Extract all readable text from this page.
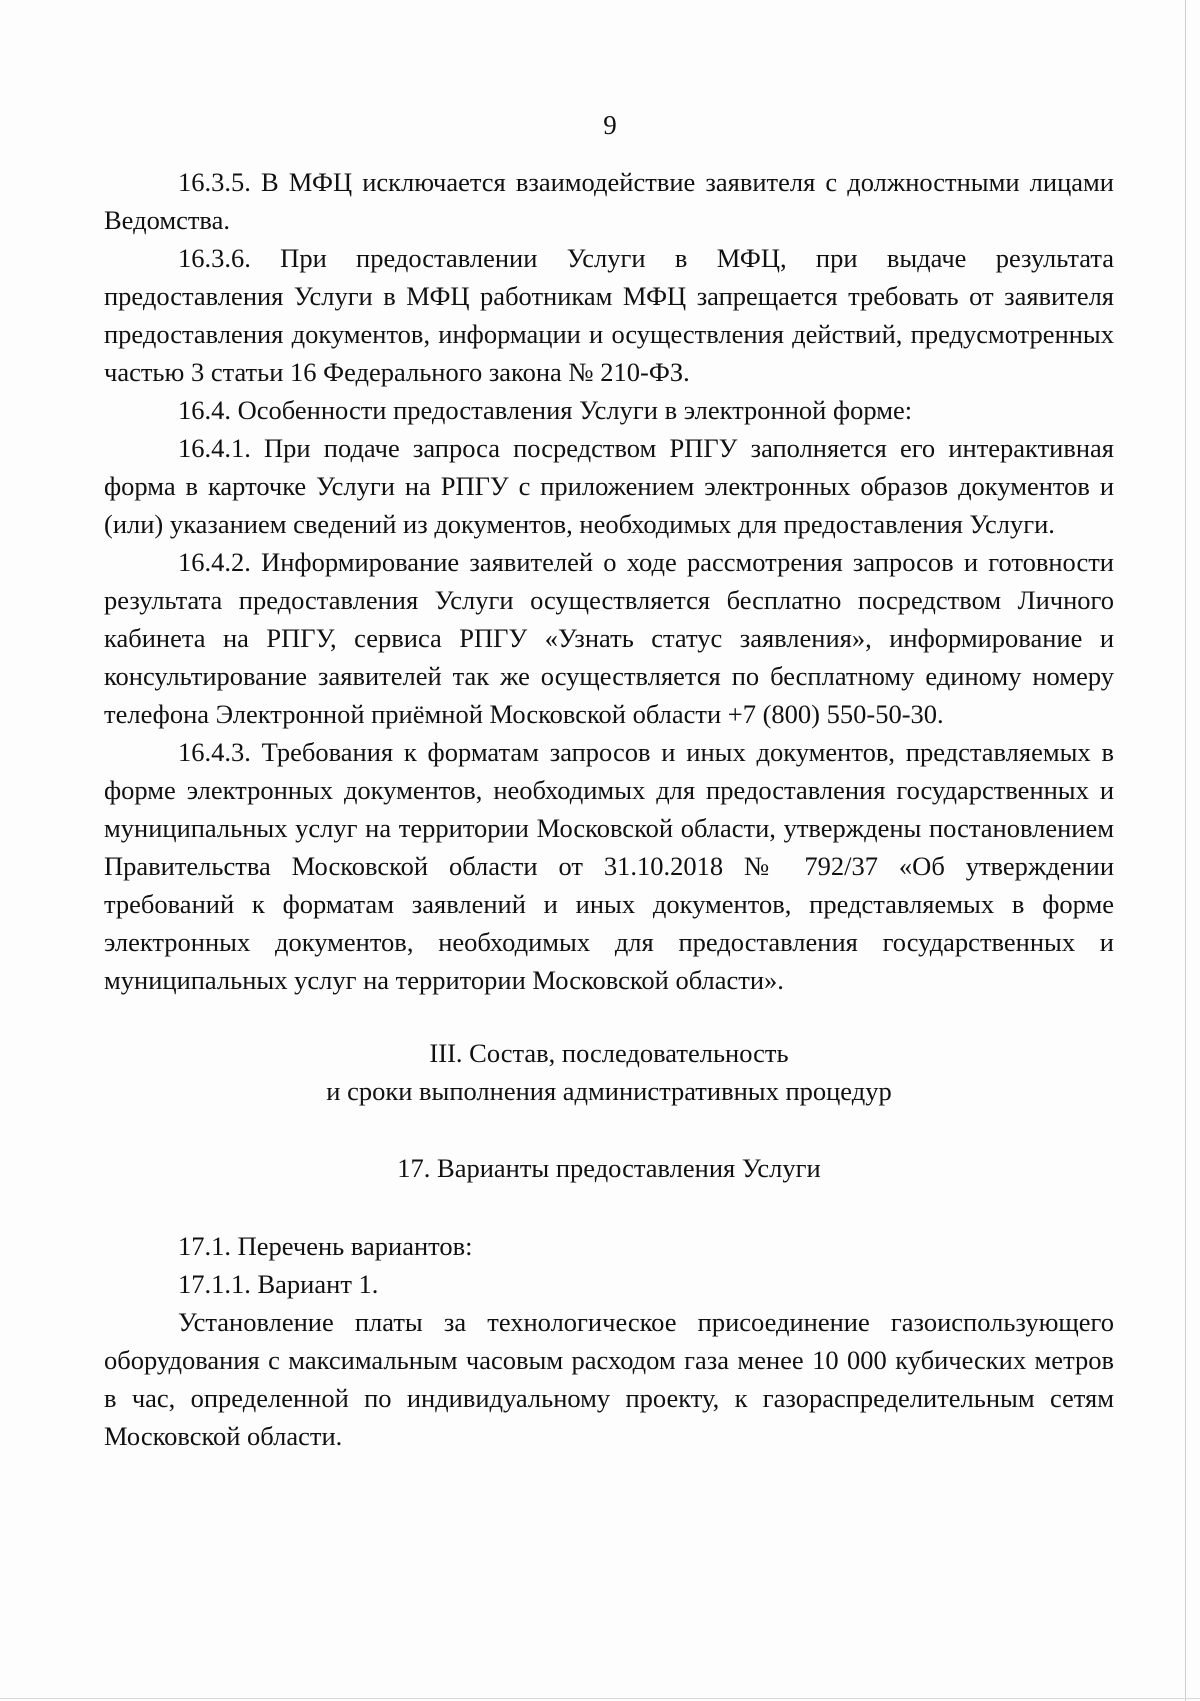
9

16.3.5. В МФЦ исключается взаимодействие заявителя с должностными лицами Ведомства.

16.3.6. При предоставлении Услуги в МФЦ, при выдаче результата предоставления Услуги в МФЦ работникам МФЦ запрещается требовать от заявителя предоставления документов, информации и осуществления действий, предусмотренных частью 3 статьи 16 Федерального закона № 210-ФЗ.

16.4. Особенности предоставления Услуги в электронной форме:

16.4.1. При подаче запроса посредством РПГУ заполняется его интерактивная форма в карточке Услуги на РПГУ с приложением электронных образов документов и (или) указанием сведений из документов, необходимых для предоставления Услуги.

16.4.2. Информирование заявителей о ходе рассмотрения запросов и готовности результата предоставления Услуги осуществляется бесплатно посредством Личного кабинета на РПГУ, сервиса РПГУ «Узнать статус заявления», информирование и консультирование заявителей так же осуществляется по бесплатному единому номеру телефона Электронной приёмной Московской области +7 (800) 550-50-30.

16.4.3. Требования к форматам запросов и иных документов, представляемых в форме электронных документов, необходимых для предоставления государственных и муниципальных услуг на территории Московской области, утверждены постановлением Правительства Московской области от 31.10.2018 № 792/37 «Об утверждении требований к форматам заявлений и иных документов, представляемых в форме электронных документов, необходимых для предоставления государственных и муниципальных услуг на территории Московской области».

III. Состав, последовательность
и сроки выполнения административных процедур
17. Варианты предоставления Услуги

17.1. Перечень вариантов:

17.1.1. Вариант 1.

Установление платы за технологическое присоединение газоиспользующего оборудования с максимальным часовым расходом газа менее 10 000 кубических метров в час, определенной по индивидуальному проекту, к газораспределительным сетям Московской области.
